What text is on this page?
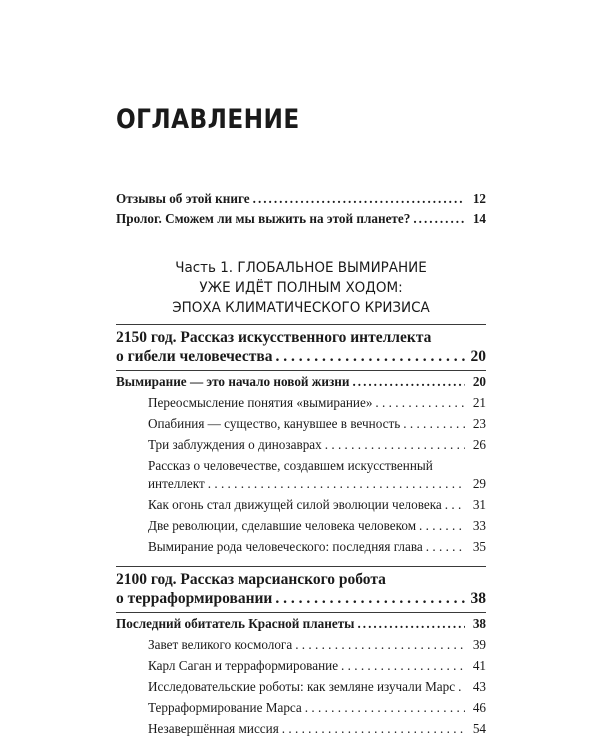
ОГЛАВЛЕНИЕ
Отзывы об этой книге .....	12
Пролог. Сможем ли мы выжить на этой планете? .....	14
Часть 1. ГЛОБАЛЬНОЕ ВЫМИРАНИЕ
УЖЕ ИДЁТ ПОЛНЫМ ХОДОМ:
ЭПОХА КЛИМАТИЧЕСКОГО КРИЗИСА
2150 год. Рассказ искусственного интеллекта
о гибели человечества . . .	20
Вымирание — это начало новой жизни .....	20
Переосмысление понятия «вымирание» . . .	21
Опабиния — существо, канувшее в вечность . . .	23
Три заблуждения о динозаврах . . .	26
Рассказ о человечестве, создавшем искусственный
интеллект . . .	29
Как огонь стал движущей силой эволюции человека . . .	31
Две революции, сделавшие человека человеком . . .	33
Вымирание рода человеческого: последняя глава . . .	35
2100 год. Рассказ марсианского робота
о терраформировании . . .	38
Последний обитатель Красной планеты .....	38
Завет великого космолога . . .	39
Карл Саган и терраформирование . . .	41
Исследовательские роботы: как земляне изучали Марс . . .	43
Терраформирование Марса . . .	46
Незавершённая миссия . . .	54
